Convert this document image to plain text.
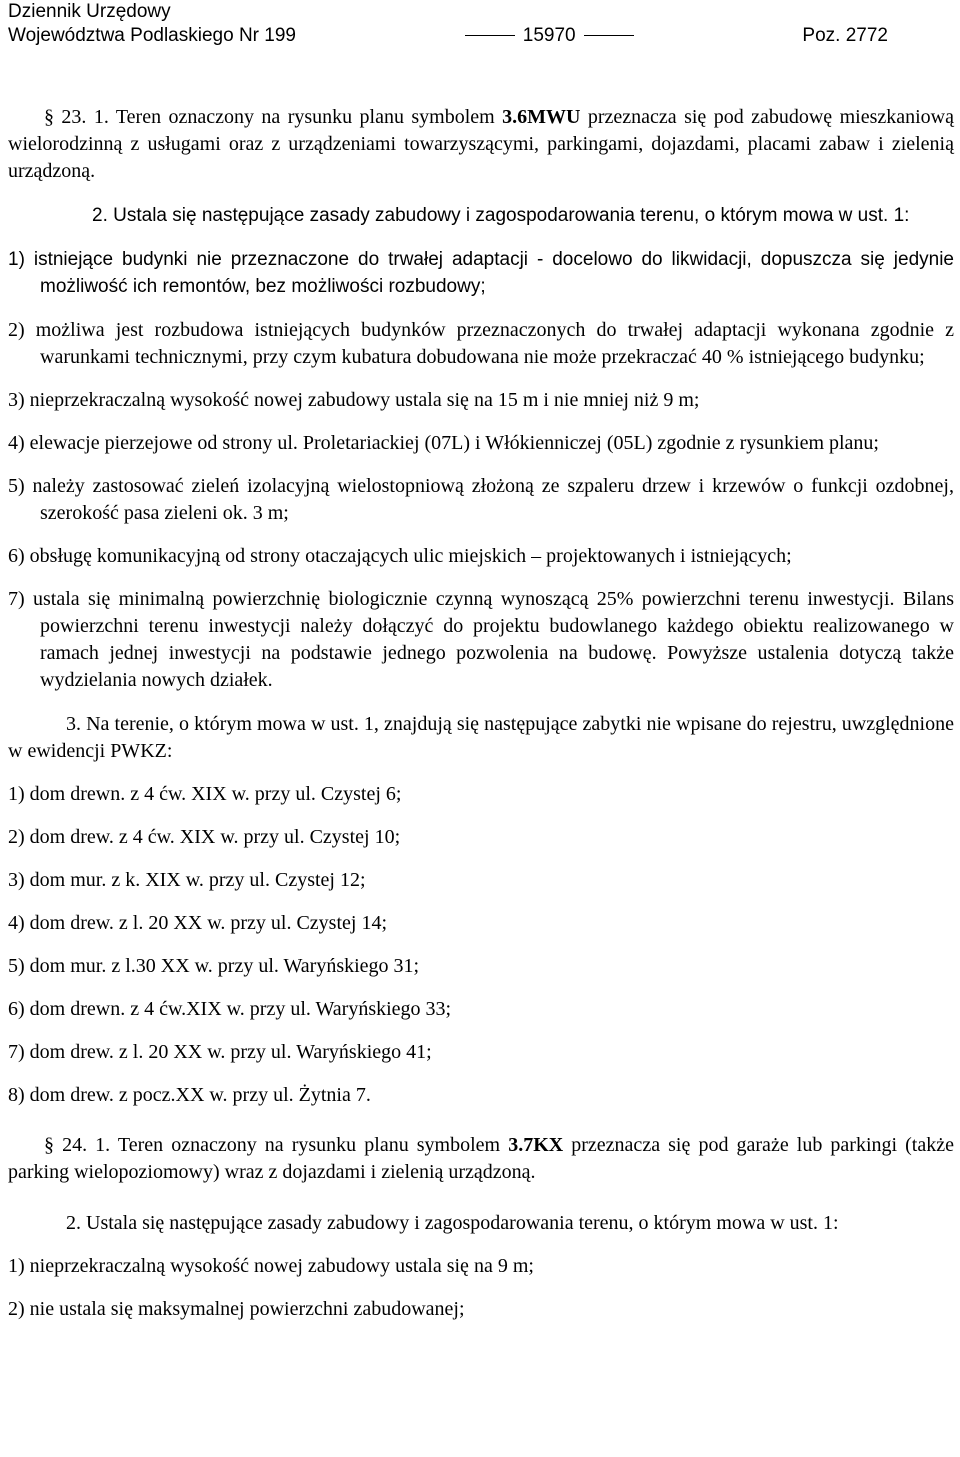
Dziennik Urzędowy
Województwa Podlaskiego Nr 199	15970	Poz. 2772

§ 23. 1. Teren oznaczony na rysunku planu symbolem 3.6MWU przeznacza się pod zabudowę mieszkaniową wielorodzinną z usługami oraz z urządzeniami towarzyszącymi, parkingami, dojazdami, placami zabaw i zielenią urządzoną.

2. Ustala się następujące zasady zabudowy i zagospodarowania terenu, o którym mowa w ust. 1:

1) istniejące budynki nie przeznaczone do trwałej adaptacji - docelowo do likwidacji, dopuszcza się jedynie możliwość ich remontów, bez możliwości rozbudowy;

2) możliwa jest rozbudowa istniejących budynków przeznaczonych do trwałej adaptacji wykonana zgodnie z warunkami technicznymi, przy czym kubatura dobudowana nie może przekraczać 40 % istniejącego budynku;

3) nieprzekraczalną wysokość nowej zabudowy ustala się na 15 m i nie mniej niż 9 m;

4) elewacje pierzejowe od strony ul. Proletariackiej (07L) i Włókienniczej (05L) zgodnie z rysunkiem planu;

5) należy zastosować zieleń izolacyjną wielostopniową złożoną ze szpaleru drzew i krzewów o funkcji ozdobnej, szerokość pasa zieleni ok. 3 m;

6) obsługę komunikacyjną od strony otaczających ulic miejskich – projektowanych i istniejących;

7) ustala się minimalną powierzchnię biologicznie czynną wynoszącą 25% powierzchni terenu inwestycji. Bilans powierzchni terenu inwestycji należy dołączyć do projektu budowlanego każdego obiektu realizowanego w ramach jednej inwestycji na podstawie jednego pozwolenia na budowę. Powyższe ustalenia dotyczą także wydzielania nowych działek.

3. Na terenie, o którym mowa w ust. 1, znajdują się następujące zabytki nie wpisane do rejestru, uwzględnione w ewidencji PWKZ:

1) dom drewn. z 4 ćw. XIX w. przy ul. Czystej 6;

2) dom drew. z 4 ćw. XIX w. przy ul. Czystej 10;

3) dom mur. z k. XIX w. przy ul. Czystej 12;

4) dom drew. z l. 20 XX w. przy ul. Czystej 14;

5) dom mur. z l.30 XX w. przy ul. Waryńskiego 31;

6) dom drewn. z 4 ćw.XIX w. przy ul. Waryńskiego 33;

7) dom drew. z l. 20 XX w. przy ul. Waryńskiego 41;

8) dom drew. z pocz.XX w. przy ul. Żytnia 7.

§ 24. 1. Teren oznaczony na rysunku planu symbolem 3.7KX przeznacza się pod garaże lub parkingi (także parking wielopoziomowy) wraz z dojazdami i zielenią urządzoną.

2. Ustala się następujące zasady zabudowy i zagospodarowania terenu, o którym mowa w ust. 1:

1) nieprzekraczalną wysokość nowej zabudowy ustala się na 9 m;

2) nie ustala się maksymalnej powierzchni zabudowanej;
